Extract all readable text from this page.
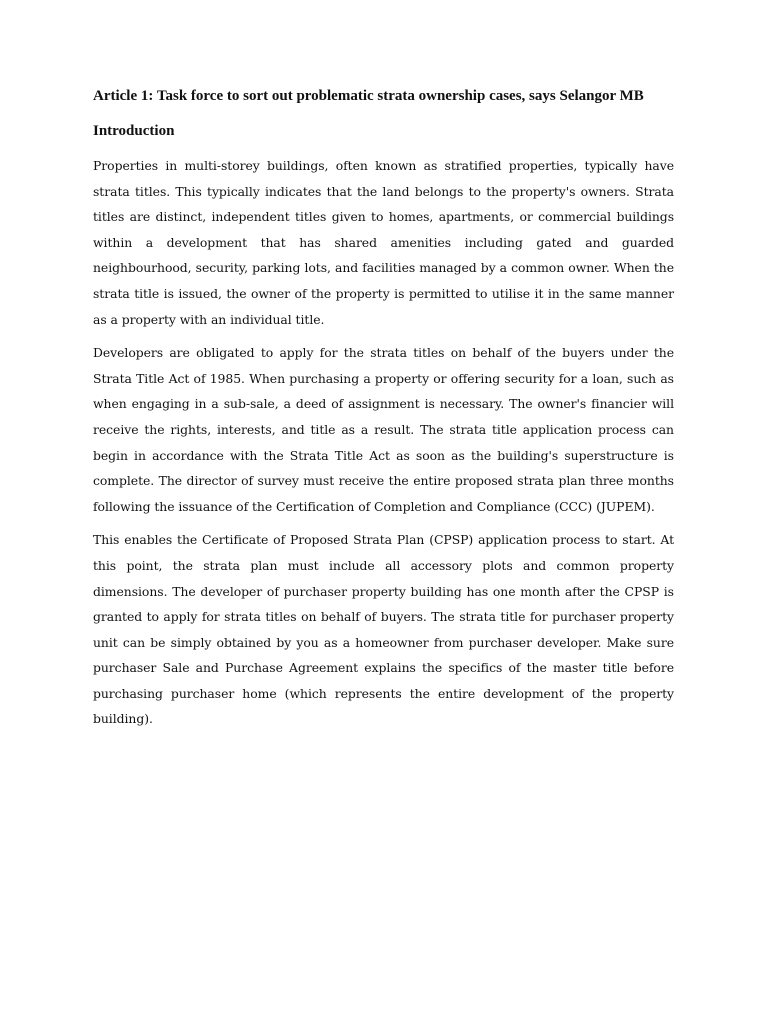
Article 1: Task force to sort out problematic strata ownership cases, says Selangor MB
Introduction

Properties in multi-storey buildings, often known as stratified properties, typically have strata titles. This typically indicates that the land belongs to the property's owners. Strata titles are distinct, independent titles given to homes, apartments, or commercial buildings within a development that has shared amenities including gated and guarded neighbourhood, security, parking lots, and facilities managed by a common owner. When the strata title is issued, the owner of the property is permitted to utilise it in the same manner as a property with an individual title.

Developers are obligated to apply for the strata titles on behalf of the buyers under the Strata Title Act of 1985. When purchasing a property or offering security for a loan, such as when engaging in a sub-sale, a deed of assignment is necessary. The owner's financier will receive the rights, interests, and title as a result. The strata title application process can begin in accordance with the Strata Title Act as soon as the building's superstructure is complete. The director of survey must receive the entire proposed strata plan three months following the issuance of the Certification of Completion and Compliance (CCC) (JUPEM).

This enables the Certificate of Proposed Strata Plan (CPSP) application process to start. At this point, the strata plan must include all accessory plots and common property dimensions. The developer of purchaser property building has one month after the CPSP is granted to apply for strata titles on behalf of buyers. The strata title for purchaser property unit can be simply obtained by you as a homeowner from purchaser developer. Make sure purchaser Sale and Purchase Agreement explains the specifics of the master title before purchasing purchaser home (which represents the entire development of the property building).
